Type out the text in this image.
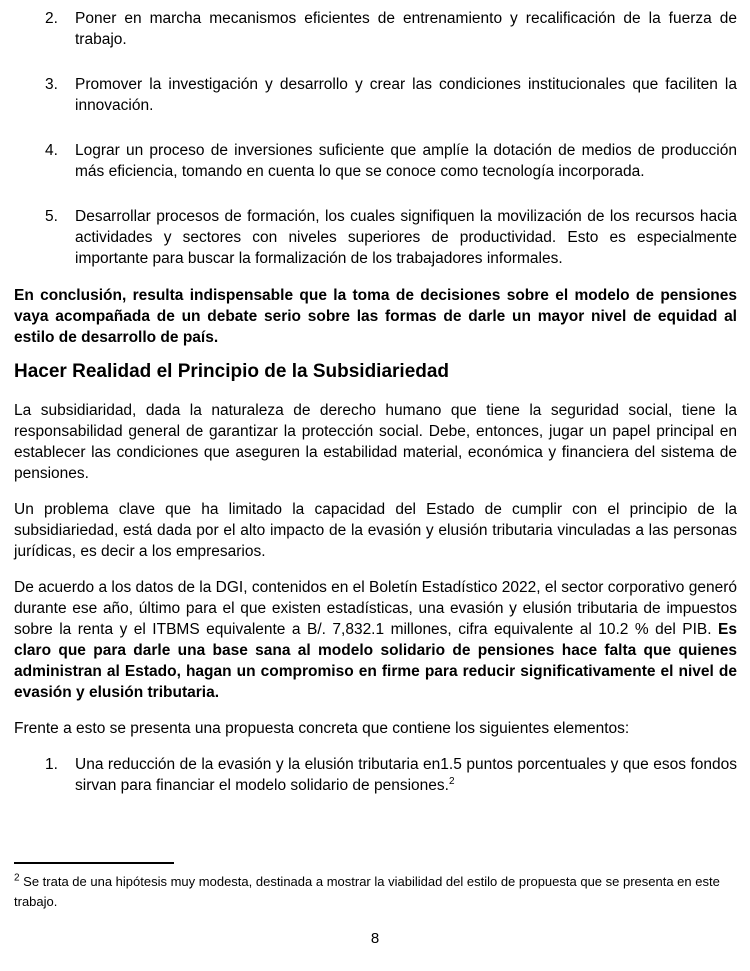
2.	Poner en marcha mecanismos eficientes de entrenamiento y recalificación de la fuerza de trabajo.
3.	Promover la investigación y desarrollo y crear las condiciones institucionales que faciliten la innovación.
4.	Lograr un proceso de inversiones suficiente que amplíe la dotación de medios de producción más eficiencia, tomando en cuenta lo que se conoce como tecnología incorporada.
5.	Desarrollar procesos de formación, los cuales signifiquen la movilización de los recursos hacia actividades y sectores con niveles superiores de productividad. Esto es especialmente importante para buscar la formalización de los trabajadores informales.

En conclusión, resulta indispensable que la toma de decisiones sobre el modelo de pensiones vaya acompañada de un debate serio sobre las formas de darle un mayor nivel de equidad al estilo de desarrollo de país.

Hacer Realidad el Principio de la Subsidiariedad

La subsidiaridad, dada la naturaleza de derecho humano que tiene la seguridad social, tiene la responsabilidad general de garantizar la protección social. Debe, entonces, jugar un papel principal en establecer las condiciones que aseguren la estabilidad material, económica y financiera del sistema de pensiones.

Un problema clave que ha limitado la capacidad del Estado de cumplir con el principio de la subsidiariedad, está dada por el alto impacto de la evasión y elusión tributaria vinculadas a las personas jurídicas, es decir a los empresarios.

De acuerdo a los datos de la DGI, contenidos en el Boletín Estadístico 2022, el sector corporativo generó durante ese año, último para el que existen estadísticas, una evasión y elusión tributaria de impuestos sobre la renta y el ITBMS equivalente a B/. 7,832.1 millones, cifra equivalente al 10.2 % del PIB. Es claro que para darle una base sana al modelo solidario de pensiones hace falta que quienes administran al Estado, hagan un compromiso en firme para reducir significativamente el nivel de evasión y elusión tributaria.

Frente a esto se presenta una propuesta concreta que contiene los siguientes elementos:

1.	Una reducción de la evasión y la elusión tributaria en1.5 puntos porcentuales y que esos fondos sirvan para financiar el modelo solidario de pensiones.$^2$

$^2$ Se trata de una hipótesis muy modesta, destinada a mostrar la viabilidad del estilo de propuesta que se presenta en este trabajo.

8
